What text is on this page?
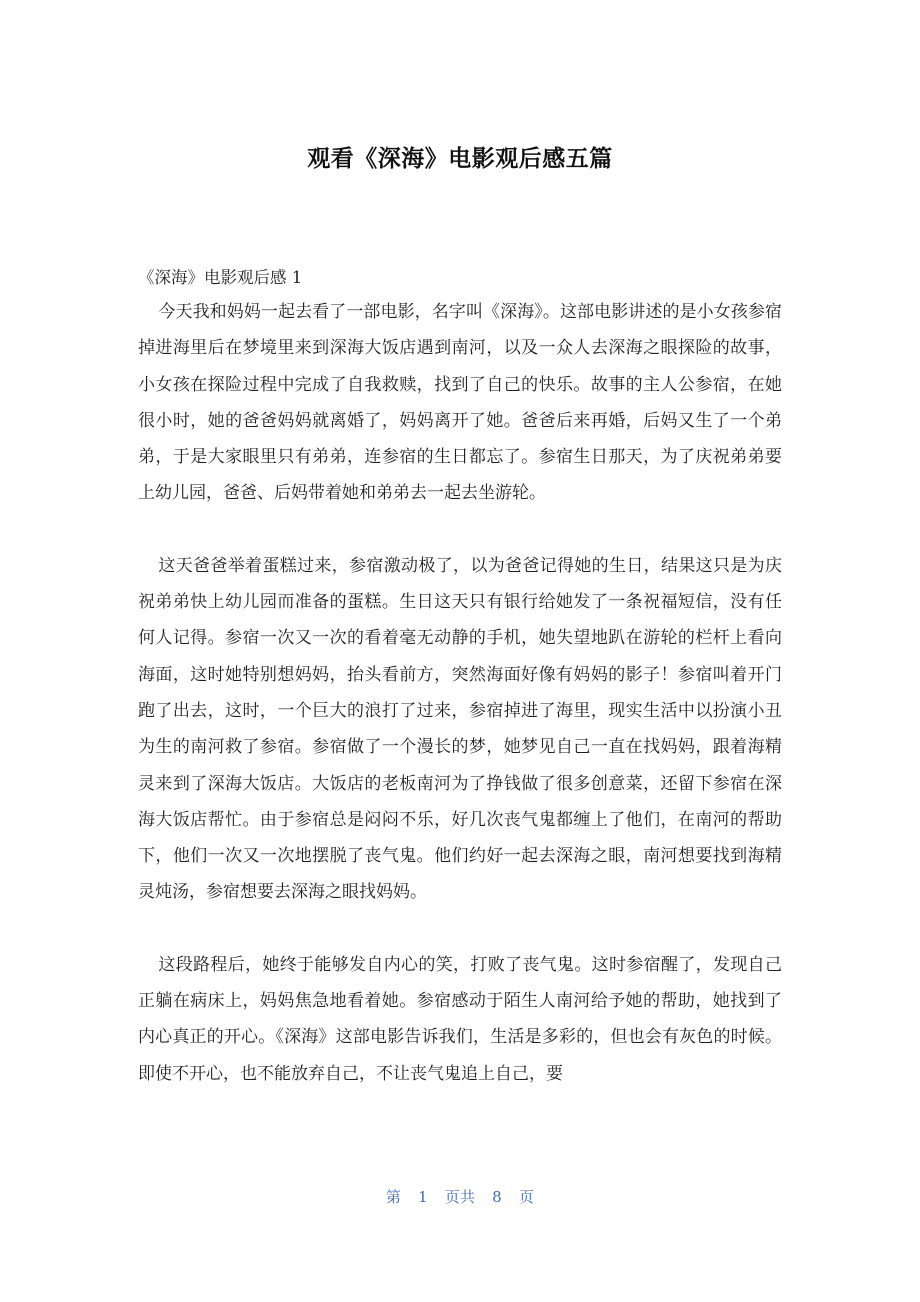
观看《深海》电影观后感五篇

《深海》电影观后感 1

今天我和妈妈一起去看了一部电影，名字叫《深海》。这部电影讲述的是小女孩参宿掉进海里后在梦境里来到深海大饭店遇到南河，以及一众人去深海之眼探险的故事，小女孩在探险过程中完成了自我救赎，找到了自己的快乐。故事的主人公参宿，在她很小时，她的爸爸妈妈就离婚了，妈妈离开了她。爸爸后来再婚，后妈又生了一个弟弟，于是大家眼里只有弟弟，连参宿的生日都忘了。参宿生日那天，为了庆祝弟弟要上幼儿园，爸爸、后妈带着她和弟弟去一起去坐游轮。

这天爸爸举着蛋糕过来，参宿激动极了，以为爸爸记得她的生日，结果这只是为庆祝弟弟快上幼儿园而准备的蛋糕。生日这天只有银行给她发了一条祝福短信，没有任何人记得。参宿一次又一次的看着毫无动静的手机，她失望地趴在游轮的栏杆上看向海面，这时她特别想妈妈，抬头看前方，突然海面好像有妈妈的影子！参宿叫着开门跑了出去，这时，一个巨大的浪打了过来，参宿掉进了海里，现实生活中以扮演小丑为生的南河救了参宿。参宿做了一个漫长的梦，她梦见自己一直在找妈妈，跟着海精灵来到了深海大饭店。大饭店的老板南河为了挣钱做了很多创意菜，还留下参宿在深海大饭店帮忙。由于参宿总是闷闷不乐，好几次丧气鬼都缠上了他们，在南河的帮助下，他们一次又一次地摆脱了丧气鬼。他们约好一起去深海之眼，南河想要找到海精灵炖汤，参宿想要去深海之眼找妈妈。

这段路程后，她终于能够发自内心的笑，打败了丧气鬼。这时参宿醒了，发现自己正躺在病床上，妈妈焦急地看着她。参宿感动于陌生人南河给予她的帮助，她找到了内心真正的开心。《深海》这部电影告诉我们，生活是多彩的，但也会有灰色的时候。即使不开心，也不能放弃自己，不让丧气鬼追上自己，要

第 1 页共 8 页
